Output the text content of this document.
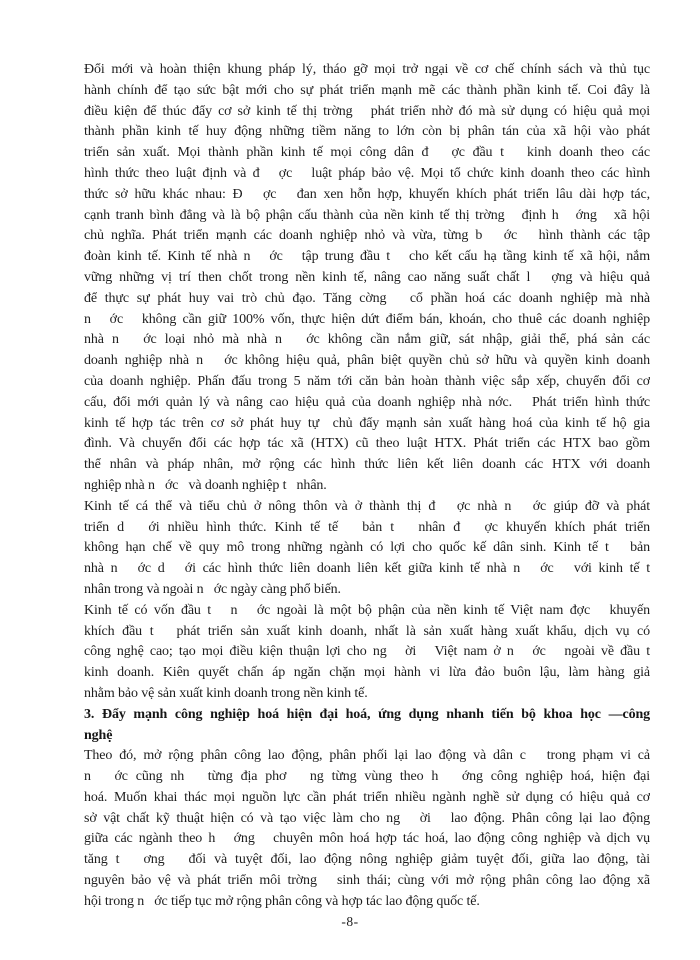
Đổi mới và hoàn thiện khung pháp lý, tháo gỡ mọi trở ngại về cơ chế chính sách và thủ tục
hành chính để tạo sức bật mới cho sự phát triển mạnh mẽ các thành phần kinh tế. Coi đây là
điều kiện để thúc đẩy cơ sở kinh tế thị trờng   phát triển nhờ đó mà sử dụng có hiệu quả mọi
thành phần kinh tế huy động những tiềm năng to lớn còn bị phân tán của xã hội vào phát
triển sản xuất. Mọi thành phần kinh tế mọi công dân đ   ợc đầu t   kinh doanh theo các
hình thức theo luật định và đ   ợc   luật pháp bảo vệ. Mọi tổ chức kinh doanh theo các hình
thức sở hữu khác nhau: Đ   ợc   đan xen hỗn hợp, khuyến khích phát triển lâu dài hợp tác,
cạnh tranh bình đẳng và là bộ phận cấu thành của nền kinh tế thị trờng   định h   ớng   xã hội
chủ nghĩa. Phát triển mạnh các doanh nghiệp nhỏ và vừa, từng b   ớc   hình thành các tập
đoàn kinh tế. Kinh tế nhà n   ớc   tập trung đầu t   cho kết cấu hạ tầng kinh tế xã hội, nắm
vững những vị trí then chốt trong nền kinh tế, nâng cao năng suất chất l   ợng và hiệu quả
để thực sự phát huy vai trò chủ đạo. Tăng cờng   cổ phần hoá các doanh nghiệp mà nhà
n   ớc   không cần giữ 100% vốn, thực hiện dứt điểm bán, khoán, cho thuê các doanh nghiệp
nhà n   ớc loại nhỏ mà nhà n   ớc không cần nắm giữ, sát nhập, giải thể, phá sản các
doanh nghiệp nhà n   ớc không hiệu quả, phân biệt quyền chủ sở hữu và quyền kinh doanh
của doanh nghiệp. Phấn đấu trong 5 năm tới căn bản hoàn thành việc sắp xếp, chuyển đổi cơ
cấu, đổi mới quản lý và nâng cao hiệu quả của doanh nghiệp nhà nớc.   Phát triển hình thức
kinh tế hợp tác trên cơ sở phát huy tự  chủ đẩy mạnh sản xuất hàng hoá của kinh tế hộ gia
đình. Và chuyển đổi các hợp tác xã (HTX) cũ theo luật HTX. Phát triển các HTX bao gồm
thể nhân và pháp nhân, mở rộng các hình thức liên kết liên doanh các HTX với doanh
nghiệp nhà n   ớc   và doanh nghiệp t   nhân.
Kinh tế cá thể và tiểu chủ ở nông thôn và ở thành thị đ   ợc nhà n   ớc giúp đỡ và phát
triển d   ới nhiều hình thức. Kinh tế tế   bản t   nhân đ   ợc khuyến khích phát triển
không hạn chế về quy mô trong những ngành có lợi cho quốc kế dân sinh. Kinh tế t   bản
nhà n   ớc d   ới các hình thức liên doanh liên kết giữa kinh tế nhà n   ớc   với kinh tế t
nhân trong và ngoài n   ớc ngày càng phổ biến.
Kinh tế có vốn đầu t   n   ớc ngoài là một bộ phận của nền kinh tế Việt nam đợc   khuyến
khích đầu t   phát triển sản xuất kinh doanh, nhất là sản xuất hàng xuất khẩu, dịch vụ có
công nghệ cao; tạo mọi điều kiện thuận lợi cho ng   ời   Việt nam ở n   ớc   ngoài về đầu t
kinh doanh. Kiên quyết chấn áp ngăn chặn mọi hành vi lừa đảo buôn lậu, làm hàng giả
nhằm bảo vệ sản xuất kinh doanh trong nền kinh tế.
3. Đẩy mạnh công nghiệp hoá hiện đại hoá, ứng dụng nhanh tiến bộ khoa học —công
nghệ
Theo đó, mở rộng phân công lao động, phân phối lại lao động và dân c   trong phạm vi cả
n   ớc cũng nh   từng địa phơ   ng từng vùng theo h   ớng công nghiệp hoá, hiện đại
hoá. Muốn khai thác mọi nguồn lực cần phát triển nhiều ngành nghề sử dụng có hiệu quả cơ
sở vật chất kỹ thuật hiện có và tạo việc làm cho ng   ời   lao động. Phân công lại lao động
giữa các ngành theo h   ớng   chuyên môn hoá hợp tác hoá, lao động công nghiệp và dịch vụ
tăng t   ơng   đối và tuyệt đối, lao động nông nghiệp giảm tuyệt đối, giữa lao động, tài
nguyên bảo vệ và phát triển môi trờng   sinh thái; cùng với mở rộng phân công lao động xã
hội trong n   ớc tiếp tục mở rộng phân công và hợp tác lao động quốc tế.
-8-
